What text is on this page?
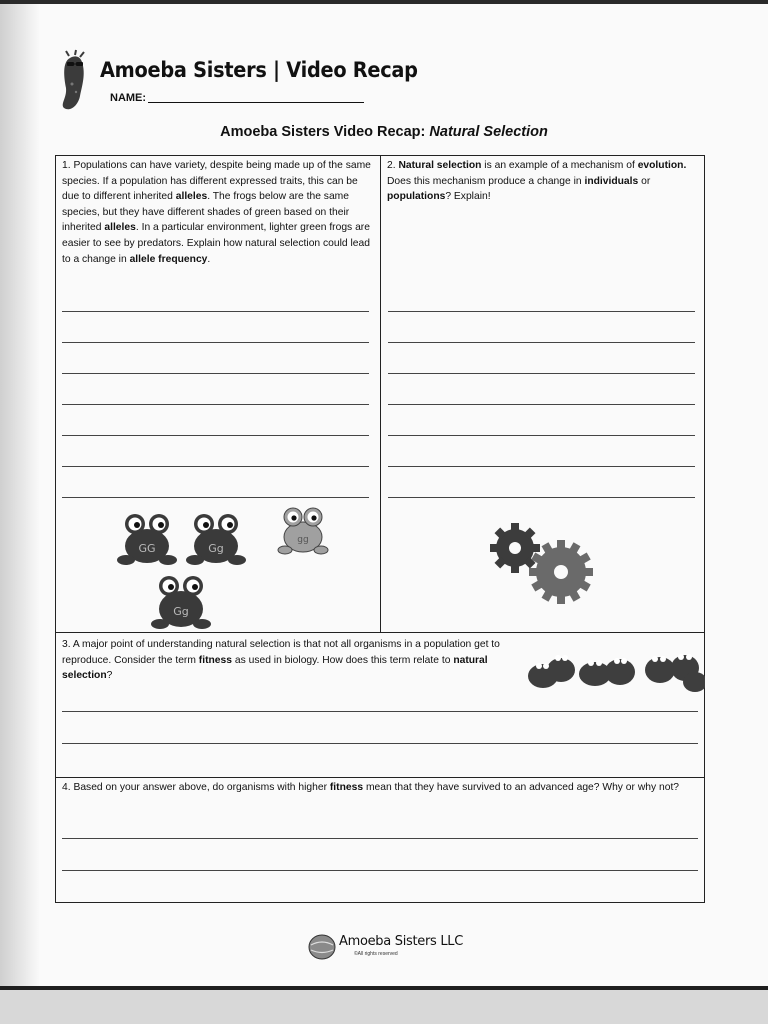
Amoeba Sisters | Video Recap
NAME:
Amoeba Sisters Video Recap: Natural Selection
1. Populations can have variety, despite being made up of the same species. If a population has different expressed traits, this can be due to different inherited alleles. The frogs below are the same species, but they have different shades of green based on their inherited alleles. In a particular environment, lighter green frogs are easier to see by predators. Explain how natural selection could lead to a change in allele frequency.
2. Natural selection is an example of a mechanism of evolution. Does this mechanism produce a change in individuals or populations? Explain!
GG	Gg
gg
Gg
3. A major point of understanding natural selection is that not all organisms in a population get to reproduce. Consider the term fitness as used in biology. How does this term relate to natural selection?
4. Based on your answer above, do organisms with higher fitness mean that they have survived to an advanced age? Why or why not?
Amoeba Sisters LLC
©All rights reserved
